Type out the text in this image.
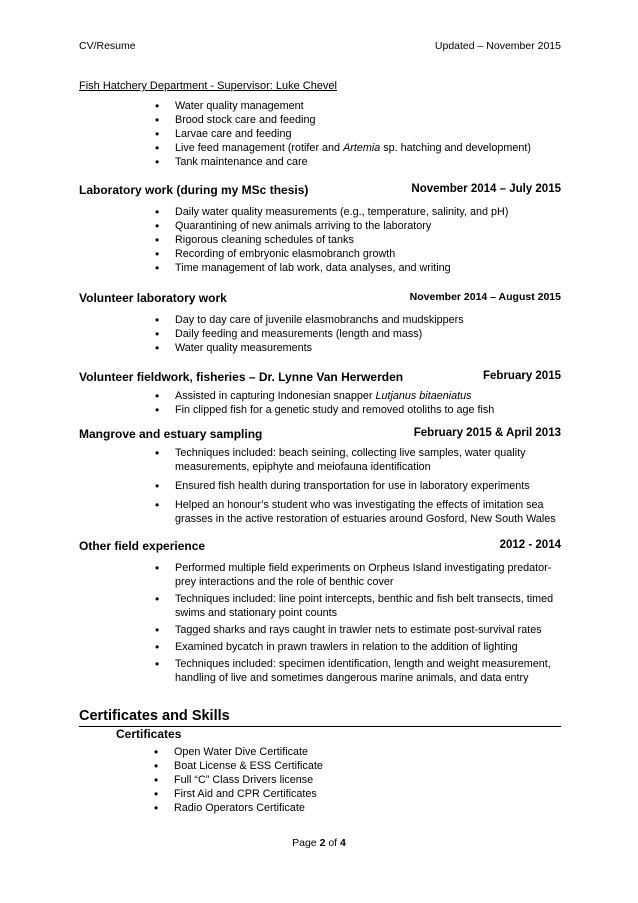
CV/Resume	Updated – November 2015
Fish Hatchery Department - Supervisor: Luke Chevel
• Water quality management
• Brood stock care and feeding
• Larvae care and feeding
• Live feed management (rotifer and Artemia sp. hatching and development)
• Tank maintenance and care
Laboratory work (during my MSc thesis)	November 2014 – July 2015
• Daily water quality measurements (e.g., temperature, salinity, and pH)
• Quarantining of new animals arriving to the laboratory
• Rigorous cleaning schedules of tanks
• Recording of embryonic elasmobranch growth
• Time management of lab work, data analyses, and writing
Volunteer laboratory work	November 2014 – August 2015
• Day to day care of juvenile elasmobranchs and mudskippers
• Daily feeding and measurements (length and mass)
• Water quality measurements
Volunteer fieldwork, fisheries – Dr. Lynne Van Herwerden	February 2015
• Assisted in capturing Indonesian snapper Lutjanus bitaeniatus
• Fin clipped fish for a genetic study and removed otoliths to age fish
Mangrove and estuary sampling	February 2015 & April 2013
• Techniques included: beach seining, collecting live samples, water quality measurements, epiphyte and meiofauna identification
• Ensured fish health during transportation for use in laboratory experiments
• Helped an honour’s student who was investigating the effects of imitation sea grasses in the active restoration of estuaries around Gosford, New South Wales
Other field experience	2012 - 2014
• Performed multiple field experiments on Orpheus Island investigating predator-prey interactions and the role of benthic cover
• Techniques included: line point intercepts, benthic and fish belt transects, timed swims and stationary point counts
• Tagged sharks and rays caught in trawler nets to estimate post-survival rates
• Examined bycatch in prawn trawlers in relation to the addition of lighting
• Techniques included: specimen identification, length and weight measurement, handling of live and sometimes dangerous marine animals, and data entry
Certificates and Skills
Certificates
• Open Water Dive Certificate
• Boat License & ESS Certificate
• Full “C” Class Drivers license
• First Aid and CPR Certificates
• Radio Operators Certificate
Page 2 of 4
